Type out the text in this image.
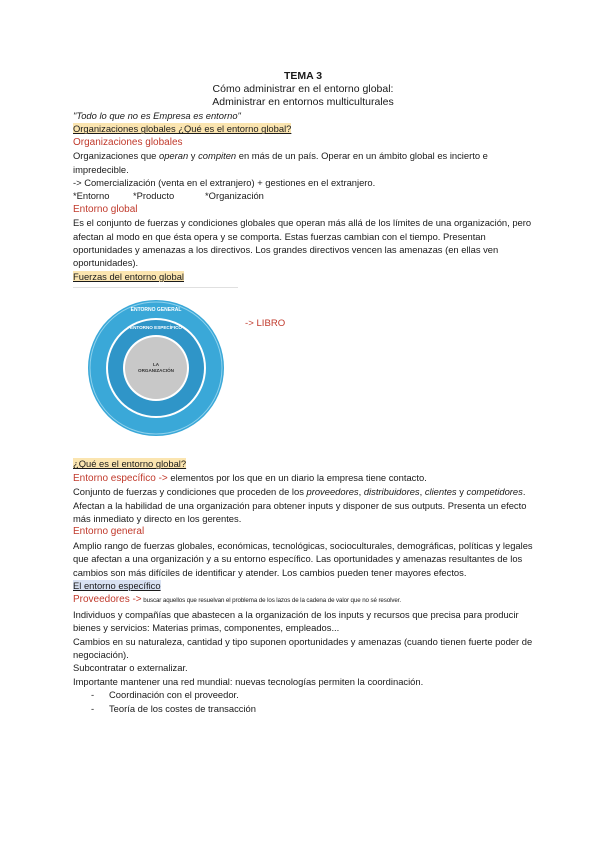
TEMA 3
Cómo administrar en el entorno global:
Administrar en entornos multiculturales
"Todo lo que no es Empresa es entorno"
Organizaciones globales ¿Qué es el entorno global?
Organizaciones globales

Organizaciones que operan y compiten en más de un país. Operar en un ámbito global es incierto e impredecible.

-> Comercialización (venta en el extranjero) + gestiones en el extranjero.

*Entorno	*Producto	*Organización
Entorno global

Es el conjunto de fuerzas y condiciones globales que operan más allá de los límites de una organización, pero afectan al modo en que ésta opera y se comporta. Estas fuerzas cambian con el tiempo. Presentan oportunidades y amenazas a los directivos. Los grandes directivos vencen las amenazas (en ellas ven oportunidades).

Fuerzas del entorno global
ENTORNO GENERAL
ENTORNO ESPECÍFICO
LA
ORGANIZACIÓN
-> LIBRO
¿Qué es el entorno global?

Entorno específico -> elementos por los que en un diario la empresa tiene contacto.

Conjunto de fuerzas y condiciones que proceden de los proveedores, distribuidores, clientes y competidores.

Afectan a la habilidad de una organización para obtener inputs y disponer de sus outputs. Presenta un efecto más inmediato y directo en los gerentes.

Entorno general

Amplio rango de fuerzas globales, económicas, tecnológicas, socioculturales, demográficas, políticas y legales que afectan a una organización y a su entorno específico. Las oportunidades y amenazas resultantes de los cambios son más difíciles de identificar y atender. Los cambios pueden tener mayores efectos.

El entorno específico

Proveedores -> buscar aquellos que resuelvan el problema de los lazos de la cadena de valor que no sé resolver.

Individuos y compañías que abastecen a la organización de los inputs y recursos que precisa para producir bienes y servicios: Materias primas, componentes, empleados...

Cambios en su naturaleza, cantidad y tipo suponen oportunidades y amenazas (cuando tienen fuerte poder de negociación).

Subcontratar o externalizar.

Importante mantener una red mundial: nuevas tecnologías permiten la coordinación.

- Coordinación con el proveedor.
- Teoría de los costes de transacción
